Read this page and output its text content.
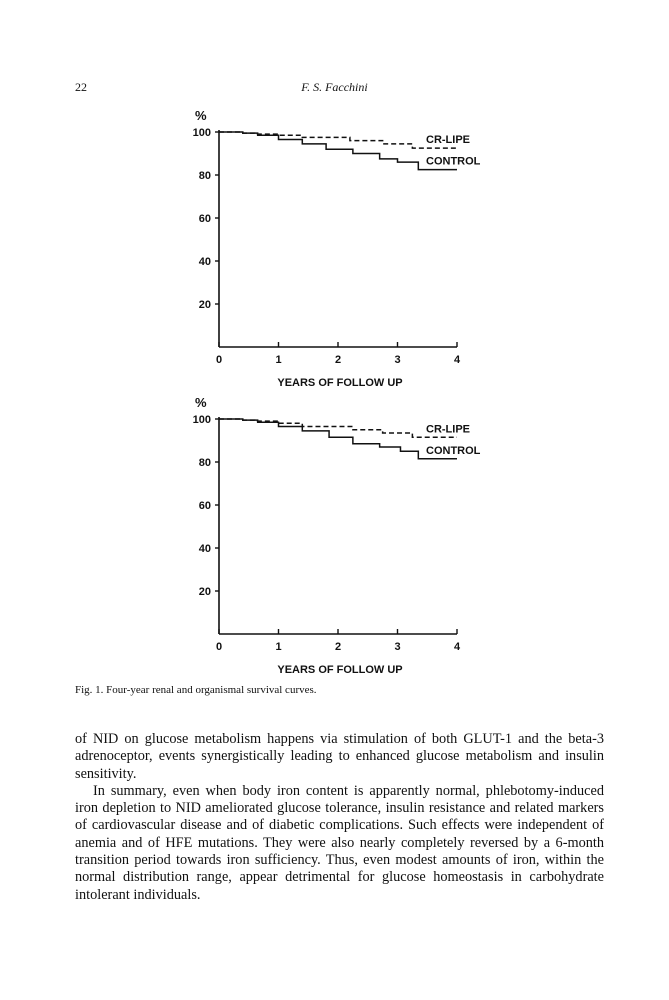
22	F. S. Facchini
20
40
60
80
100
%
0	1	2	3	4
YEARS OF FOLLOW UP
CR-LIPE
CONTROL
20
40
60
80
100
%
0	1	2	3	4
YEARS OF FOLLOW UP
CR-LIPE
CONTROL
Fig. 1. Four-year renal and organismal survival curves.

of NID on glucose metabolism happens via stimulation of both GLUT-1 and the beta-3 adrenoceptor, events synergistically leading to enhanced glucose metabolism and insulin sensitivity.

In summary, even when body iron content is apparently normal, phlebotomy-induced iron depletion to NID ameliorated glucose tolerance, insulin resistance and related markers of cardiovascular disease and of diabetic complications. Such effects were independent of anemia and of HFE mutations. They were also nearly completely reversed by a 6-month transition period towards iron sufficiency. Thus, even modest amounts of iron, within the normal distribution range, appear detrimental for glucose homeostasis in carbohydrate intolerant individuals.
